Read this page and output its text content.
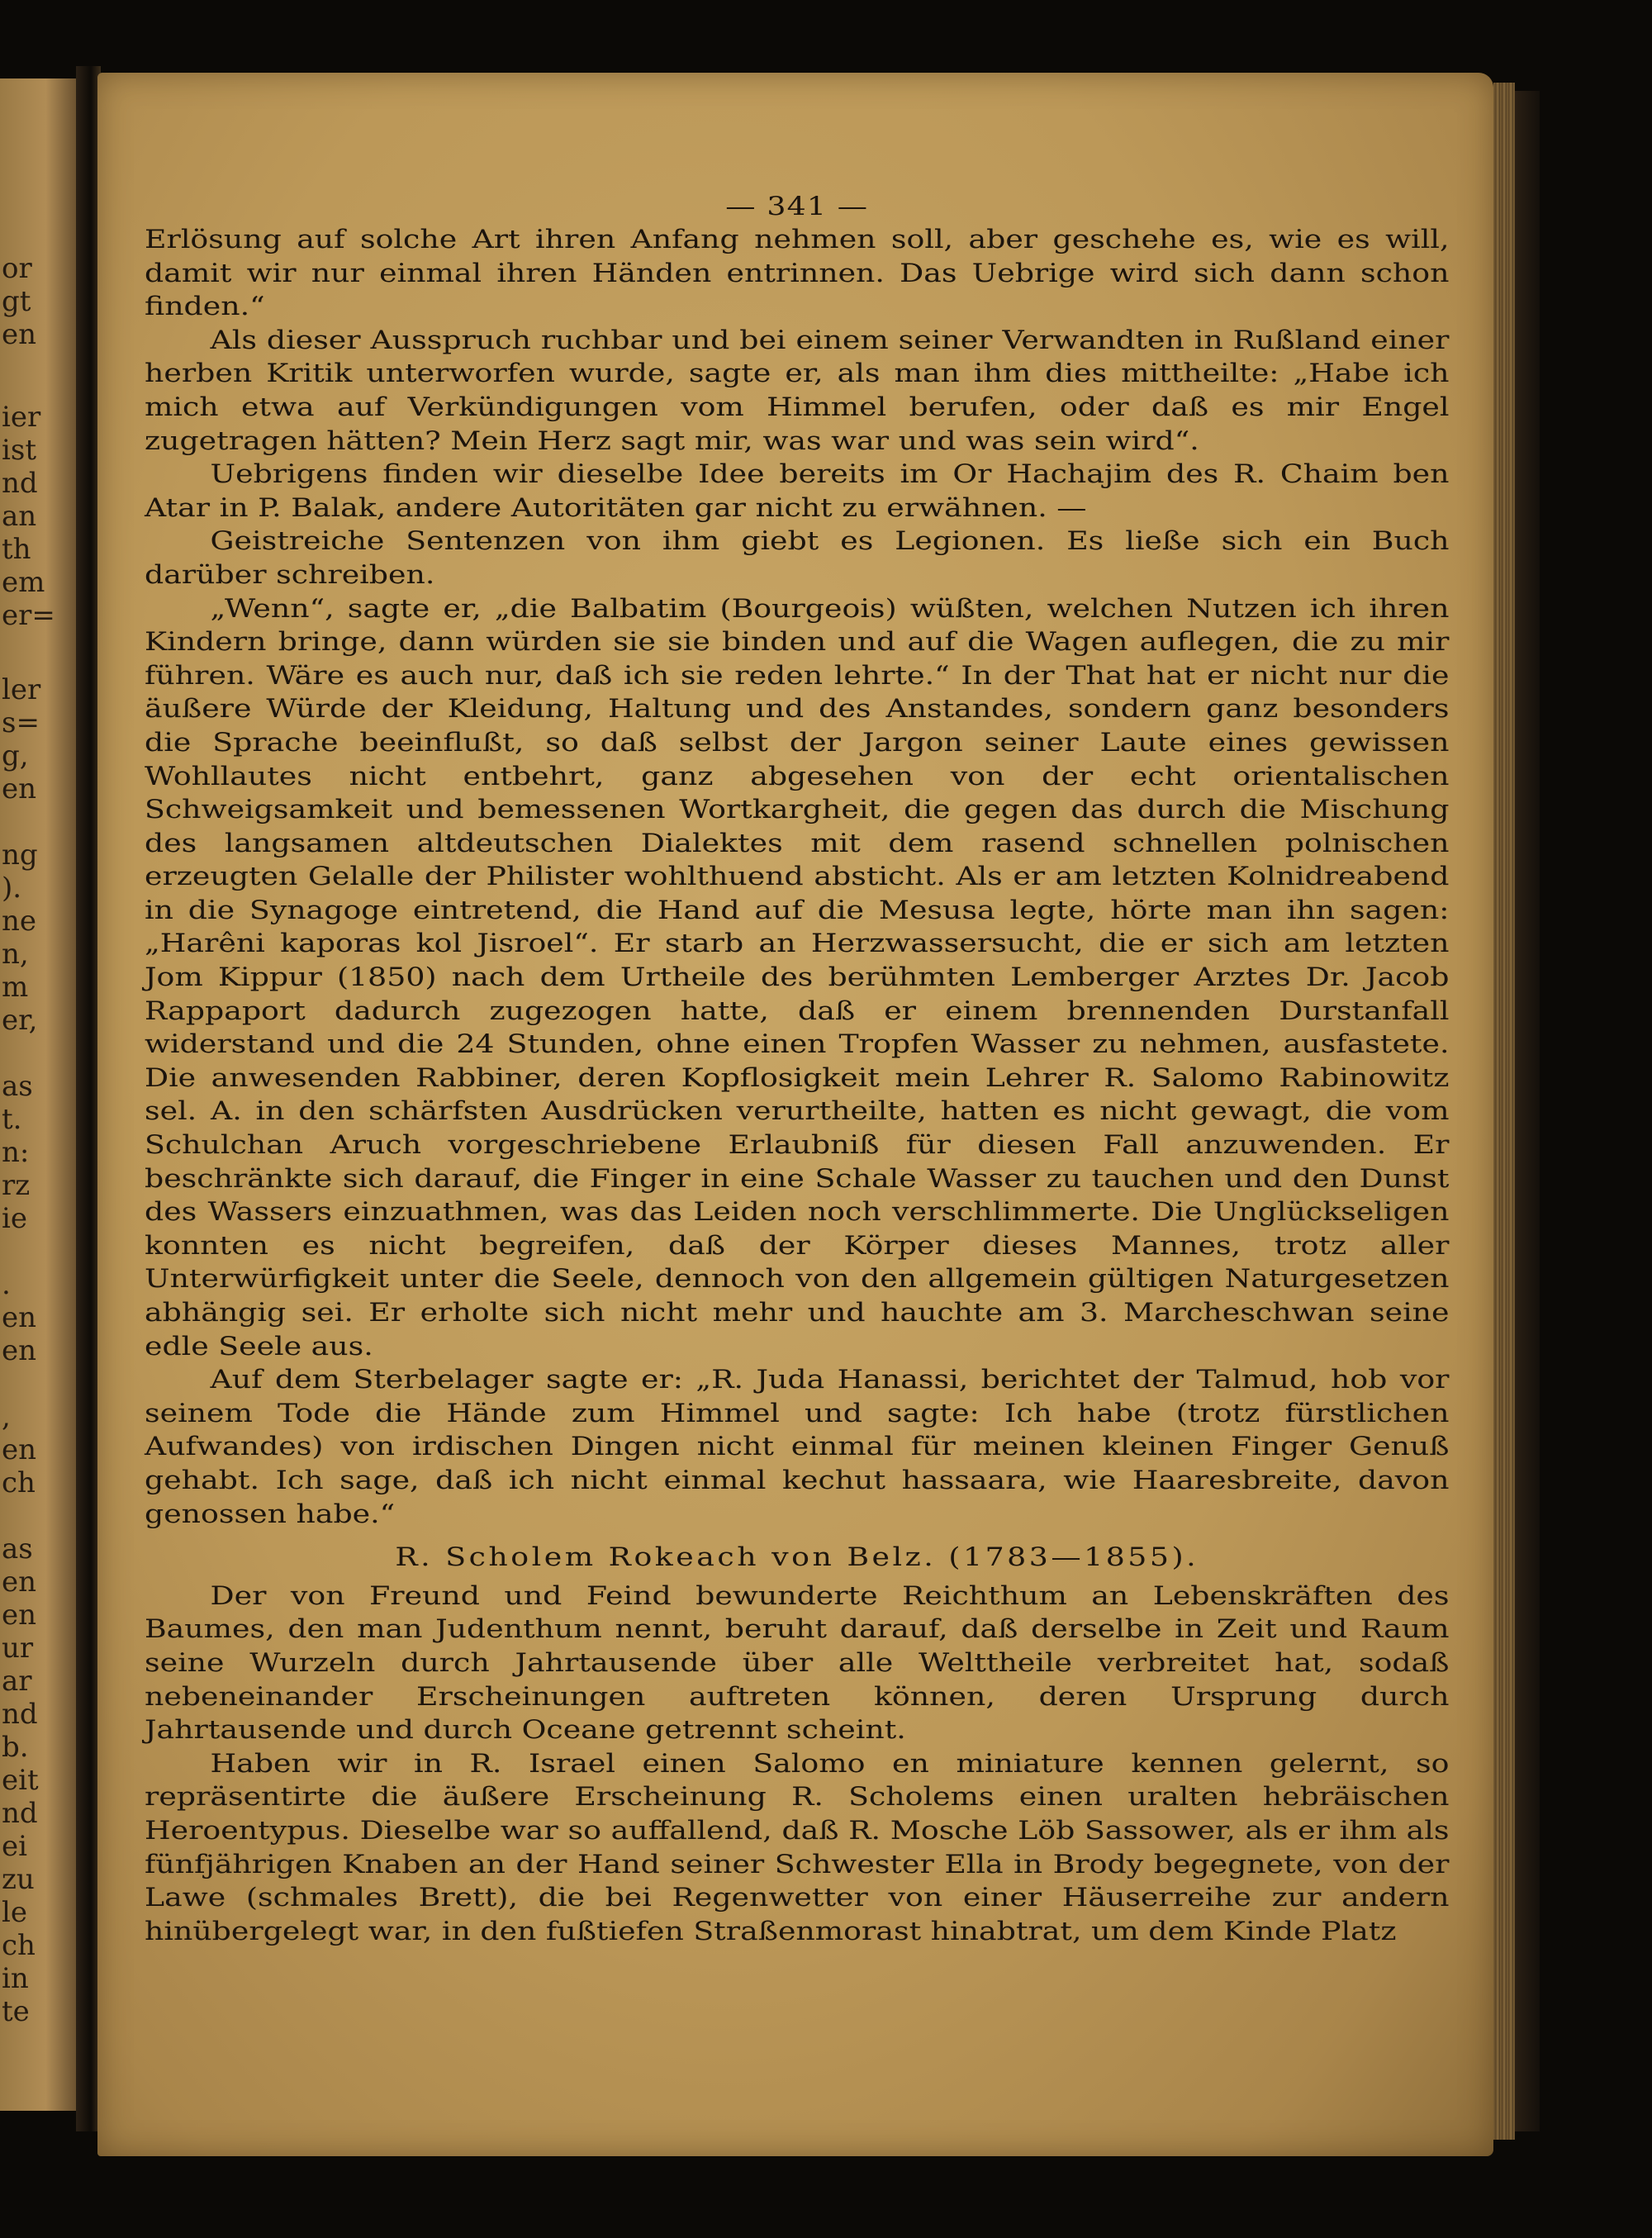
or
gt
en
ier
ist
nd
an
th
em
er=
ler
s=
g,
en
ng
).
ne
n,
m
er,
as
t.
n:
rz
ie
.
en
en
,
en
ch
as
en
en
ur
ar
nd
b.
eit
nd
ei
zu
le
ch
in
te
— 341 —

Erlösung auf solche Art ihren Anfang nehmen soll, aber geschehe es, wie es will, damit wir nur einmal ihren Händen entrinnen. Das Uebrige wird sich dann schon finden.“

Als dieser Ausspruch ruchbar und bei einem seiner Verwandten in Rußland einer herben Kritik unterworfen wurde, sagte er, als man ihm dies mittheilte: „Habe ich mich etwa auf Verkündigungen vom Himmel berufen, oder daß es mir Engel zugetragen hätten? Mein Herz sagt mir, was war und was sein wird“.

Uebrigens finden wir dieselbe Idee bereits im Or Hachajim des R. Chaim ben Atar in P. Balak, andere Autoritäten gar nicht zu erwähnen. —

Geistreiche Sentenzen von ihm giebt es Legionen. Es ließe sich ein Buch darüber schreiben.

„Wenn“, sagte er, „die Balbatim (Bourgeois) wüßten, welchen Nutzen ich ihren Kindern bringe, dann würden sie sie binden und auf die Wagen auflegen, die zu mir führen. Wäre es auch nur, daß ich sie reden lehrte.“ In der That hat er nicht nur die äußere Würde der Kleidung, Haltung und des Anstandes, sondern ganz besonders die Sprache beeinflußt, so daß selbst der Jargon seiner Laute eines gewissen Wohllautes nicht entbehrt, ganz abgesehen von der echt orientalischen Schweigsamkeit und bemessenen Wortkargheit, die gegen das durch die Mischung des langsamen altdeutschen Dialektes mit dem rasend schnellen polnischen erzeugten Gelalle der Philister wohlthuend absticht. Als er am letzten Kolnidreabend in die Synagoge eintretend, die Hand auf die Mesusa legte, hörte man ihn sagen: „Harêni kaporas kol Jisroel“. Er starb an Herzwassersucht, die er sich am letzten Jom Kippur (1850) nach dem Urtheile des berühmten Lemberger Arztes Dr. Jacob Rappaport dadurch zugezogen hatte, daß er einem brennenden Durstanfall widerstand und die 24 Stunden, ohne einen Tropfen Wasser zu nehmen, ausfastete. Die anwesenden Rabbiner, deren Kopflosigkeit mein Lehrer R. Salomo Rabinowitz sel. A. in den schärfsten Ausdrücken verurtheilte, hatten es nicht gewagt, die vom Schulchan Aruch vorgeschriebene Erlaubniß für diesen Fall anzuwenden. Er beschränkte sich darauf, die Finger in eine Schale Wasser zu tauchen und den Dunst des Wassers einzuathmen, was das Leiden noch verschlimmerte. Die Unglückseligen konnten es nicht begreifen, daß der Körper dieses Mannes, trotz aller Unterwürfigkeit unter die Seele, dennoch von den allgemein gültigen Naturgesetzen abhängig sei. Er erholte sich nicht mehr und hauchte am 3. Marcheschwan seine edle Seele aus.

Auf dem Sterbelager sagte er: „R. Juda Hanassi, berichtet der Talmud, hob vor seinem Tode die Hände zum Himmel und sagte: Ich habe (trotz fürstlichen Aufwandes) von irdischen Dingen nicht einmal für meinen kleinen Finger Genuß gehabt. Ich sage, daß ich nicht einmal kechut hassaara, wie Haaresbreite, davon genossen habe.“

R. Scholem Rokeach von Belz. (1783—1855).

Der von Freund und Feind bewunderte Reichthum an Lebenskräften des Baumes, den man Judenthum nennt, beruht darauf, daß derselbe in Zeit und Raum seine Wurzeln durch Jahrtausende über alle Welttheile verbreitet hat, sodaß nebeneinander Erscheinungen auftreten können, deren Ursprung durch Jahrtausende und durch Oceane getrennt scheint.

Haben wir in R. Israel einen Salomo en miniature kennen gelernt, so repräsentirte die äußere Erscheinung R. Scholems einen uralten hebräischen Heroentypus. Dieselbe war so auffallend, daß R. Mosche Löb Sassower, als er ihm als fünfjährigen Knaben an der Hand seiner Schwester Ella in Brody begegnete, von der Lawe (schmales Brett), die bei Regenwetter von einer Häuserreihe zur andern hinübergelegt war, in den fußtiefen Straßenmorast hinabtrat, um dem Kinde Platz
